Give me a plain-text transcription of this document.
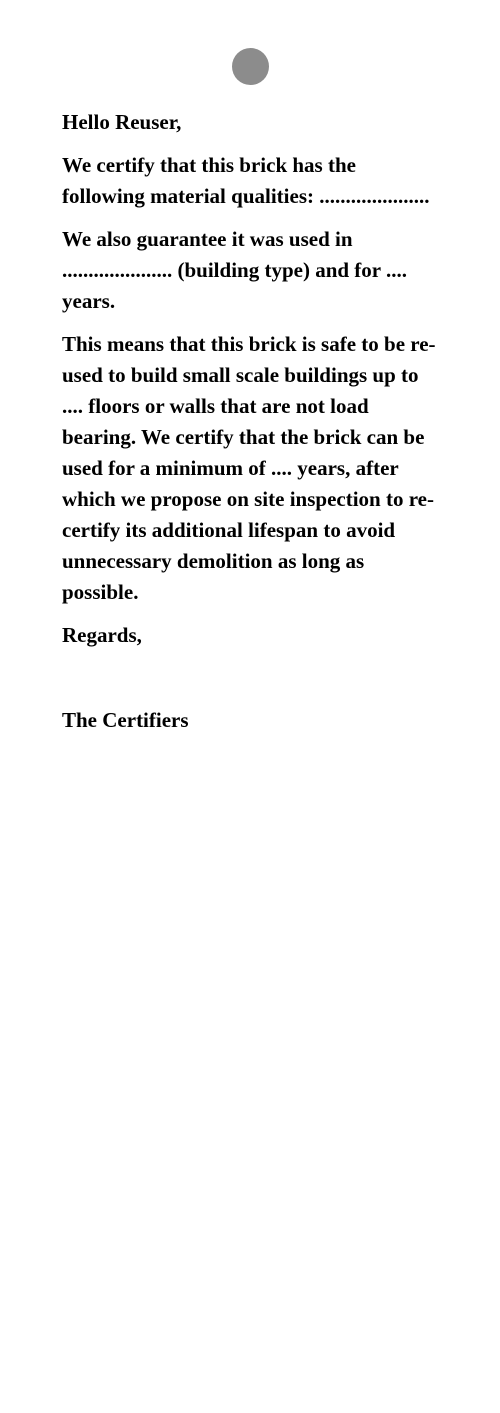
Hello Reuser,

We certify that this brick has the following material qualities: .....................

We also guarantee it was used in ..................... (building type) and for .... years.

This means that this brick is safe to be re-used to build small scale buildings up to .... floors or walls that are not load bearing. We certify that the brick can be used for a minimum of .... years, after which we propose on site inspection to re-certify its additional lifespan to avoid unnecessary demolition as long as possible.

Regards,

The Certifiers
